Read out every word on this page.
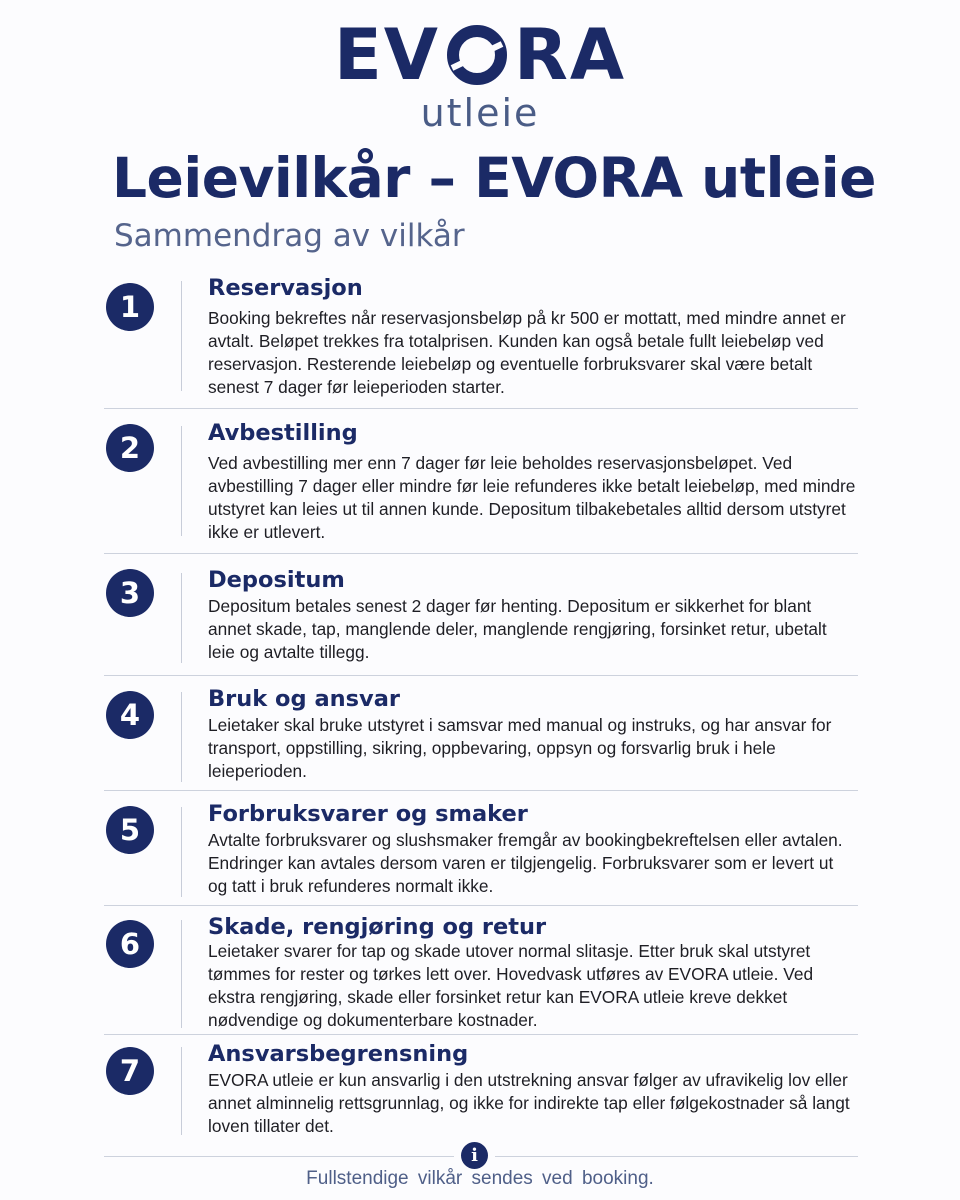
EV RA
utleie
Leievilkår – EVORA utleie

Sammendrag av vilkår

1
Reservasjon

Booking bekreftes når reservasjonsbeløp på kr 500 er mottatt, med mindre annet er avtalt. Beløpet trekkes fra totalprisen. Kunden kan også betale fullt leiebeløp ved reservasjon. Resterende leiebeløp og eventuelle forbruksvarer skal være betalt senest 7 dager før leieperioden starter.

2	Avbestilling

Ved avbestilling mer enn 7 dager før leie beholdes reservasjonsbeløpet. Ved avbestilling 7 dager eller mindre før leie refunderes ikke betalt leiebeløp, med mindre utstyret kan leies ut til annen kunde. Depositum tilbakebetales alltid dersom utstyret ikke er utlevert.

3	Depositum

Depositum betales senest 2 dager før henting. Depositum er sikkerhet for blant annet skade, tap, manglende deler, manglende rengjøring, forsinket retur, ubetalt leie og avtalte tillegg.

4	Bruk og ansvar

Leietaker skal bruke utstyret i samsvar med manual og instruks, og har ansvar for transport, oppstilling, sikring, oppbevaring, oppsyn og forsvarlig bruk i hele leieperioden.

5	Forbruksvarer og smaker

Avtalte forbruksvarer og slushsmaker fremgår av bookingbekreftelsen eller avtalen. Endringer kan avtales dersom varen er tilgjengelig. Forbruksvarer som er levert ut og tatt i bruk refunderes normalt ikke.

6	Skade, rengjøring og retur

Leietaker svarer for tap og skade utover normal slitasje. Etter bruk skal utstyret tømmes for rester og tørkes lett over. Hovedvask utføres av EVORA utleie. Ved ekstra rengjøring, skade eller forsinket retur kan EVORA utleie kreve dekket nødvendige og dokumenterbare kostnader.

7	Ansvarsbegrensning

EVORA utleie er kun ansvarlig i den utstrekning ansvar følger av ufravikelig lov eller annet alminnelig rettsgrunnlag, og ikke for indirekte tap eller følgekostnader så langt loven tillater det.

i

Fullstendige vilkår sendes ved booking.
